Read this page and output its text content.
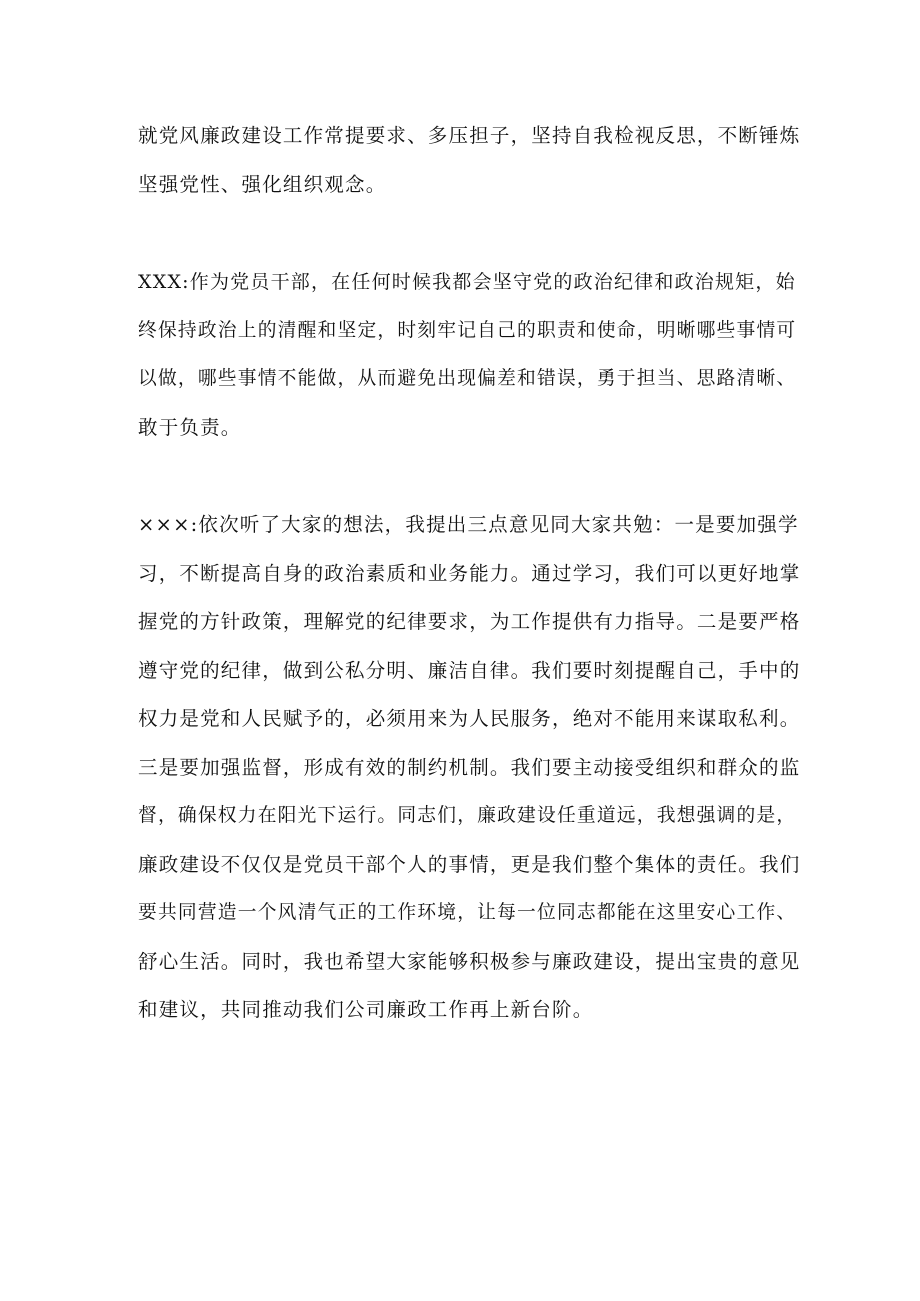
就党风廉政建设工作常提要求、多压担子，坚持自我检视反思，不断锤炼
坚强党性、强化组织观念。
XXX:作为党员干部，在任何时候我都会坚守党的政治纪律和政治规矩，始
终保持政治上的清醒和坚定，时刻牢记自己的职责和使命，明晰哪些事情可
以做，哪些事情不能做，从而避免出现偏差和错误，勇于担当、思路清晰、
敢于负责。
×××:依次听了大家的想法，我提出三点意见同大家共勉：一是要加强学
习，不断提高自身的政治素质和业务能力。通过学习，我们可以更好地掌
握党的方针政策，理解党的纪律要求，为工作提供有力指导。二是要严格
遵守党的纪律，做到公私分明、廉洁自律。我们要时刻提醒自己，手中的
权力是党和人民赋予的，必须用来为人民服务，绝对不能用来谋取私利。
三是要加强监督，形成有效的制约机制。我们要主动接受组织和群众的监
督，确保权力在阳光下运行。同志们，廉政建设任重道远，我想强调的是，
廉政建设不仅仅是党员干部个人的事情，更是我们整个集体的责任。我们
要共同营造一个风清气正的工作环境，让每一位同志都能在这里安心工作、
舒心生活。同时，我也希望大家能够积极参与廉政建设，提出宝贵的意见
和建议，共同推动我们公司廉政工作再上新台阶。
